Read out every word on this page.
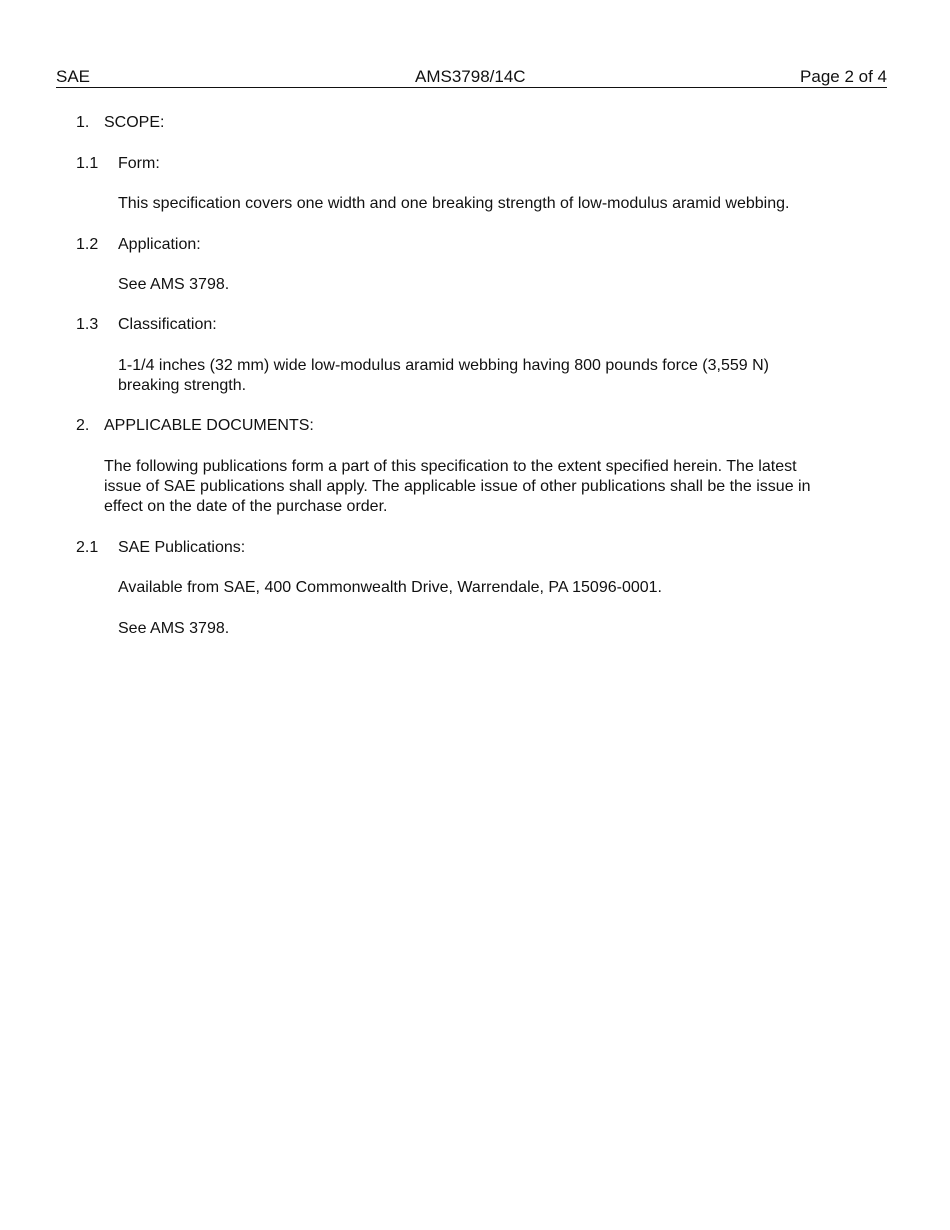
SAE	AMS3798/14C	Page 2 of 4
1. SCOPE:
1.1 Form:
This specification covers one width and one breaking strength of low-modulus aramid webbing.
1.2 Application:
See AMS 3798.
1.3 Classification:
1-1/4 inches (32 mm) wide low-modulus aramid webbing having 800 pounds force (3,559 N)
breaking strength.
2. APPLICABLE DOCUMENTS:
The following publications form a part of this specification to the extent specified herein. The latest
issue of SAE publications shall apply. The applicable issue of other publications shall be the issue in
effect on the date of the purchase order.
2.1 SAE Publications:
Available from SAE, 400 Commonwealth Drive, Warrendale, PA 15096-0001.
See AMS 3798.
